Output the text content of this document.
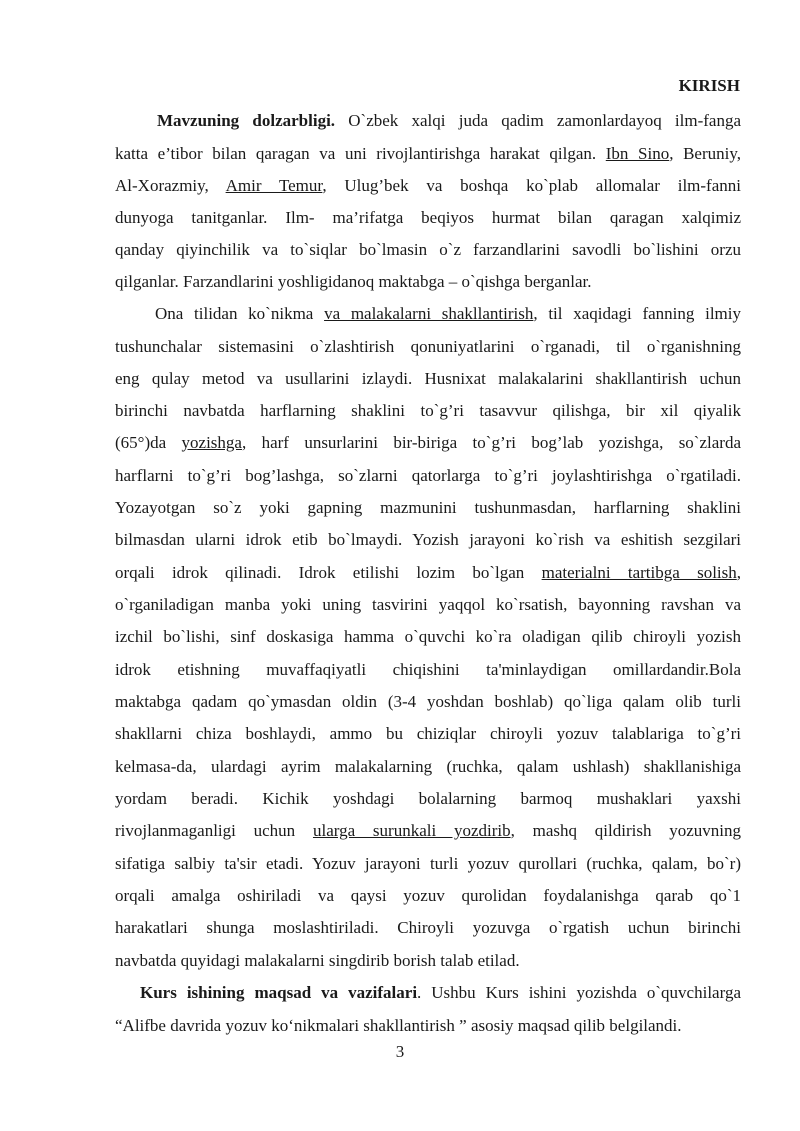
KIRISH
Mavzuning dolzarbligi. O`zbek xalqi juda qadim zamonlardayoq ilm-fanga
katta e’tibor bilan qaragan va uni rivojlantirishga harakat qilgan. Ibn Sino, Beruniy,
Al-Xorazmiy, Amir Temur, Ulug’bek va boshqa ko`plab allomalar ilm-fanni
dunyoga tanitganlar. Ilm- ma’rifatga beqiyos hurmat bilan qaragan xalqimiz
qanday qiyinchilik va to`siqlar bo`lmasin o`z farzandlarini savodli bo`lishini orzu
qilganlar. Farzandlarini yoshligidanoq maktabga – o`qishga berganlar.
Ona tilidan ko`nikma va malakalarni shakllantirish, til xaqidagi fanning ilmiy
tushunchalar sistemasini o`zlashtirish qonuniyatlarini o`rganadi, til o`rganishning
eng qulay metod va usullarini izlaydi. Husnixat malakalarini shakllantirish uchun
birinchi navbatda harflarning shaklini to`g’ri tasavvur qilishga, bir xil qiyalik
(65°)da yozishga, harf unsurlarini bir-biriga to`g’ri bog’lab yozishga, so`zlarda
harflarni to`g’ri bog’lashga, so`zlarni qatorlarga to`g’ri joylashtirishga o`rgatiladi.
Yozayotgan so`z yoki gapning mazmunini tushunmasdan, harflarning shaklini
bilmasdan ularni idrok etib bo`lmaydi. Yozish jarayoni ko`rish va eshitish sezgilari
orqali idrok qilinadi. Idrok etilishi lozim bo`lgan materialni tartibga solish,
o`rganiladigan manba yoki uning tasvirini yaqqol ko`rsatish, bayonning ravshan va
izchil bo`lishi, sinf doskasiga hamma o`quvchi ko`ra oladigan qilib chiroyli yozish
idrok etishning muvaffaqiyatli chiqishini ta'minlaydigan omillardandir.Bola
maktabga qadam qo`ymasdan oldin (3-4 yoshdan boshlab) qo`liga qalam olib turli
shakllarni chiza boshlaydi, ammo bu chiziqlar chiroyli yozuv talablariga to`g’ri
kelmasa-da, ulardagi ayrim malakalarning (ruchka, qalam ushlash) shakllanishiga
yordam beradi. Kichik yoshdagi bolalarning barmoq mushaklari yaxshi
rivojlanmaganligi uchun ularga surunkali yozdirib, mashq qildirish yozuvning
sifatiga salbiy ta'sir etadi. Yozuv jarayoni turli yozuv qurollari (ruchka, qalam, bo`r)
orqali amalga oshiriladi va qaysi yozuv qurolidan foydalanishga qarab qo`1
harakatlari shunga moslashtiriladi. Chiroyli yozuvga o`rgatish uchun birinchi
navbatda quyidagi malakalarni singdirib borish talab etilad.
Kurs ishining maqsad va vazifalari. Ushbu Kurs ishini yozishda o`quvchilarga
“Alifbe davrida yozuv ko‘nikmalari shakllantirish ” asosiy maqsad qilib belgilandi.
3
